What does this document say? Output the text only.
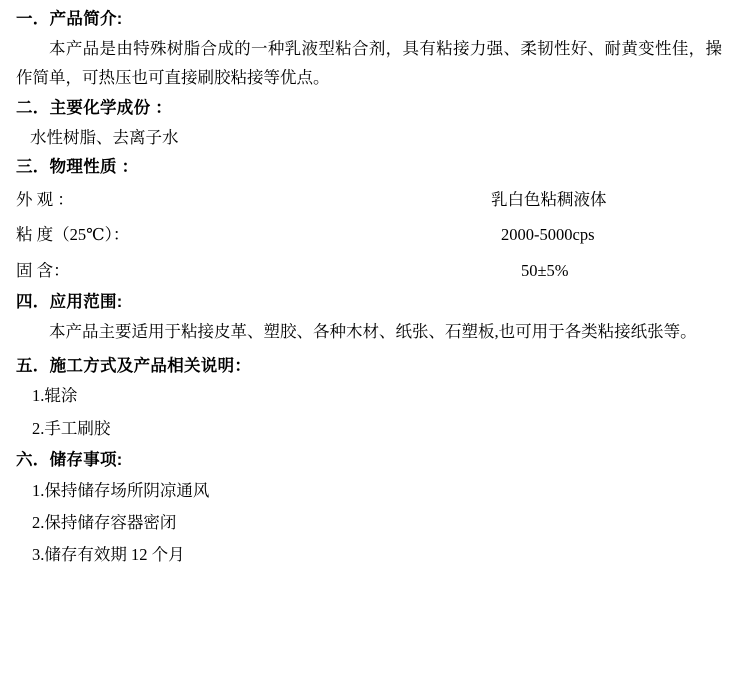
一．产品简介:
本产品是由特殊树脂合成的一种乳液型粘合剂，具有粘接力强、柔韧性好、耐黄变性佳，操作简单，可热压也可直接刷胶粘接等优点。
二．主要化学成份 ：
水性树脂、去离子水
三．物理性质 ：
外 观 ：	乳白色粘稠液体
粘 度（25℃）：	2000-5000cps
固 含：	50±5%
四．应用范围:
本产品主要适用于粘接皮革、塑胶、各种木材、纸张、石塑板,也可用于各类粘接纸张等。
五．施工方式及产品相关说明：
1.辊涂
2.手工刷胶
六．储存事项:
1.保持储存场所阴凉通风
2.保持储存容器密闭
3.储存有效期 12 个月
